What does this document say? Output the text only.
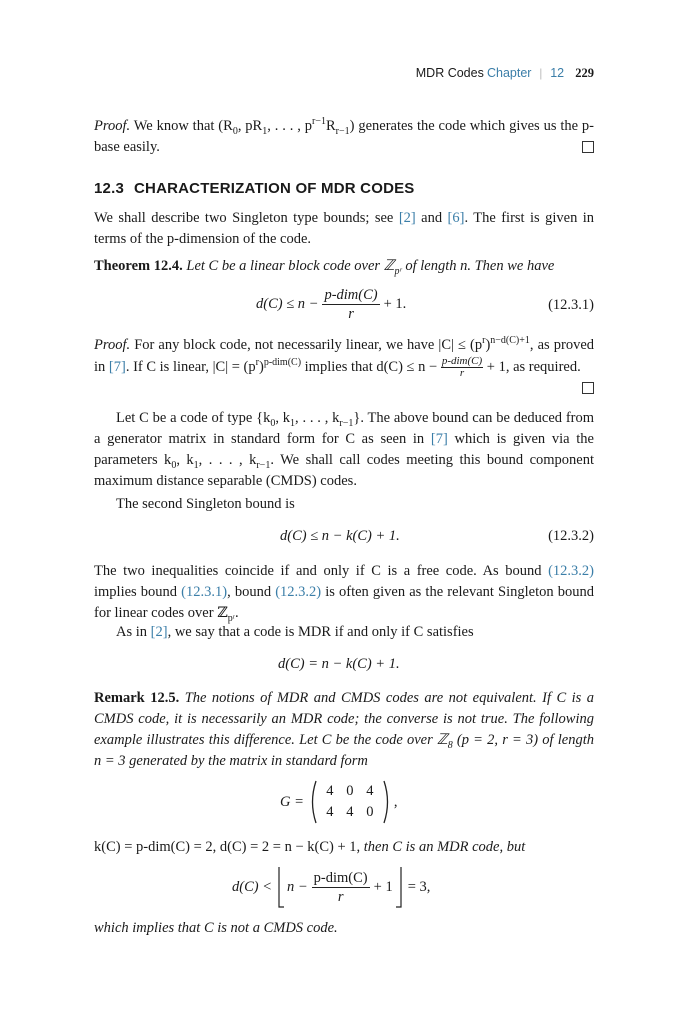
MDR Codes Chapter | 12 229
Proof. We know that ($R_0$, $pR_1$, . . . , $p^{r-1}R_{r-1}$) generates the code which gives us the p-base easily.
12.3 CHARACTERIZATION OF MDR CODES
We shall describe two Singleton type bounds; see [2] and [6]. The first is given in terms of the p-dimension of the code.
Theorem 12.4. Let C be a linear block code over ℤ$_{pʳ}$ of length n. Then we have
$d(C) \le n - \frac{\text{p-dim(C)}}{r} + 1$.	(12.3.1)
Proof. For any block code, not necessarily linear, we have $|C| \le (p^r)^{n-d(C)+1}$, as proved in [7]. If C is linear, $|C| = (p^r)^{p-dim(C)}$ implies that $d(C) \le n - \frac{\text{p-dim(C)}}{r} + 1$, as required.
Let C be a code of type {$k_0$, $k_1$, . . . , $k_{r-1}$}. The above bound can be deduced from a generator matrix in standard form for C as seen in [7] which is given via the parameters $k_0$, $k_1$, . . . , $k_{r-1}$. We shall call codes meeting this bound component maximum distance separable (CMDS) codes.
The second Singleton bound is
d(C) ≤ n − k(C) + 1.	(12.3.2)
The two inequalities coincide if and only if C is a free code. As bound (12.3.2) implies bound (12.3.1), bound (12.3.2) is often given as the relevant Singleton bound for linear codes over ℤ$_{pʳ}$.
As in [2], we say that a code is MDR if and only if C satisfies
d(C) = n − k(C) + 1.
Remark 12.5. The notions of MDR and CMDS codes are not equivalent. If C is a CMDS code, it is necessarily an MDR code; the converse is not true. The following example illustrates this difference. Let C be the code over ℤ$_8$ (p = 2, r = 3) of length n = 3 generated by the matrix in standard form
G =
4 0 4
4 4 0
,
k(C) = p-dim(C) = 2, d(C) = 2 = n − k(C) + 1, then C is an MDR code, but
$d(C) < n - \frac{\text{p-dim(C)}}{r} + 1 = 3$,
which implies that C is not a CMDS code.
